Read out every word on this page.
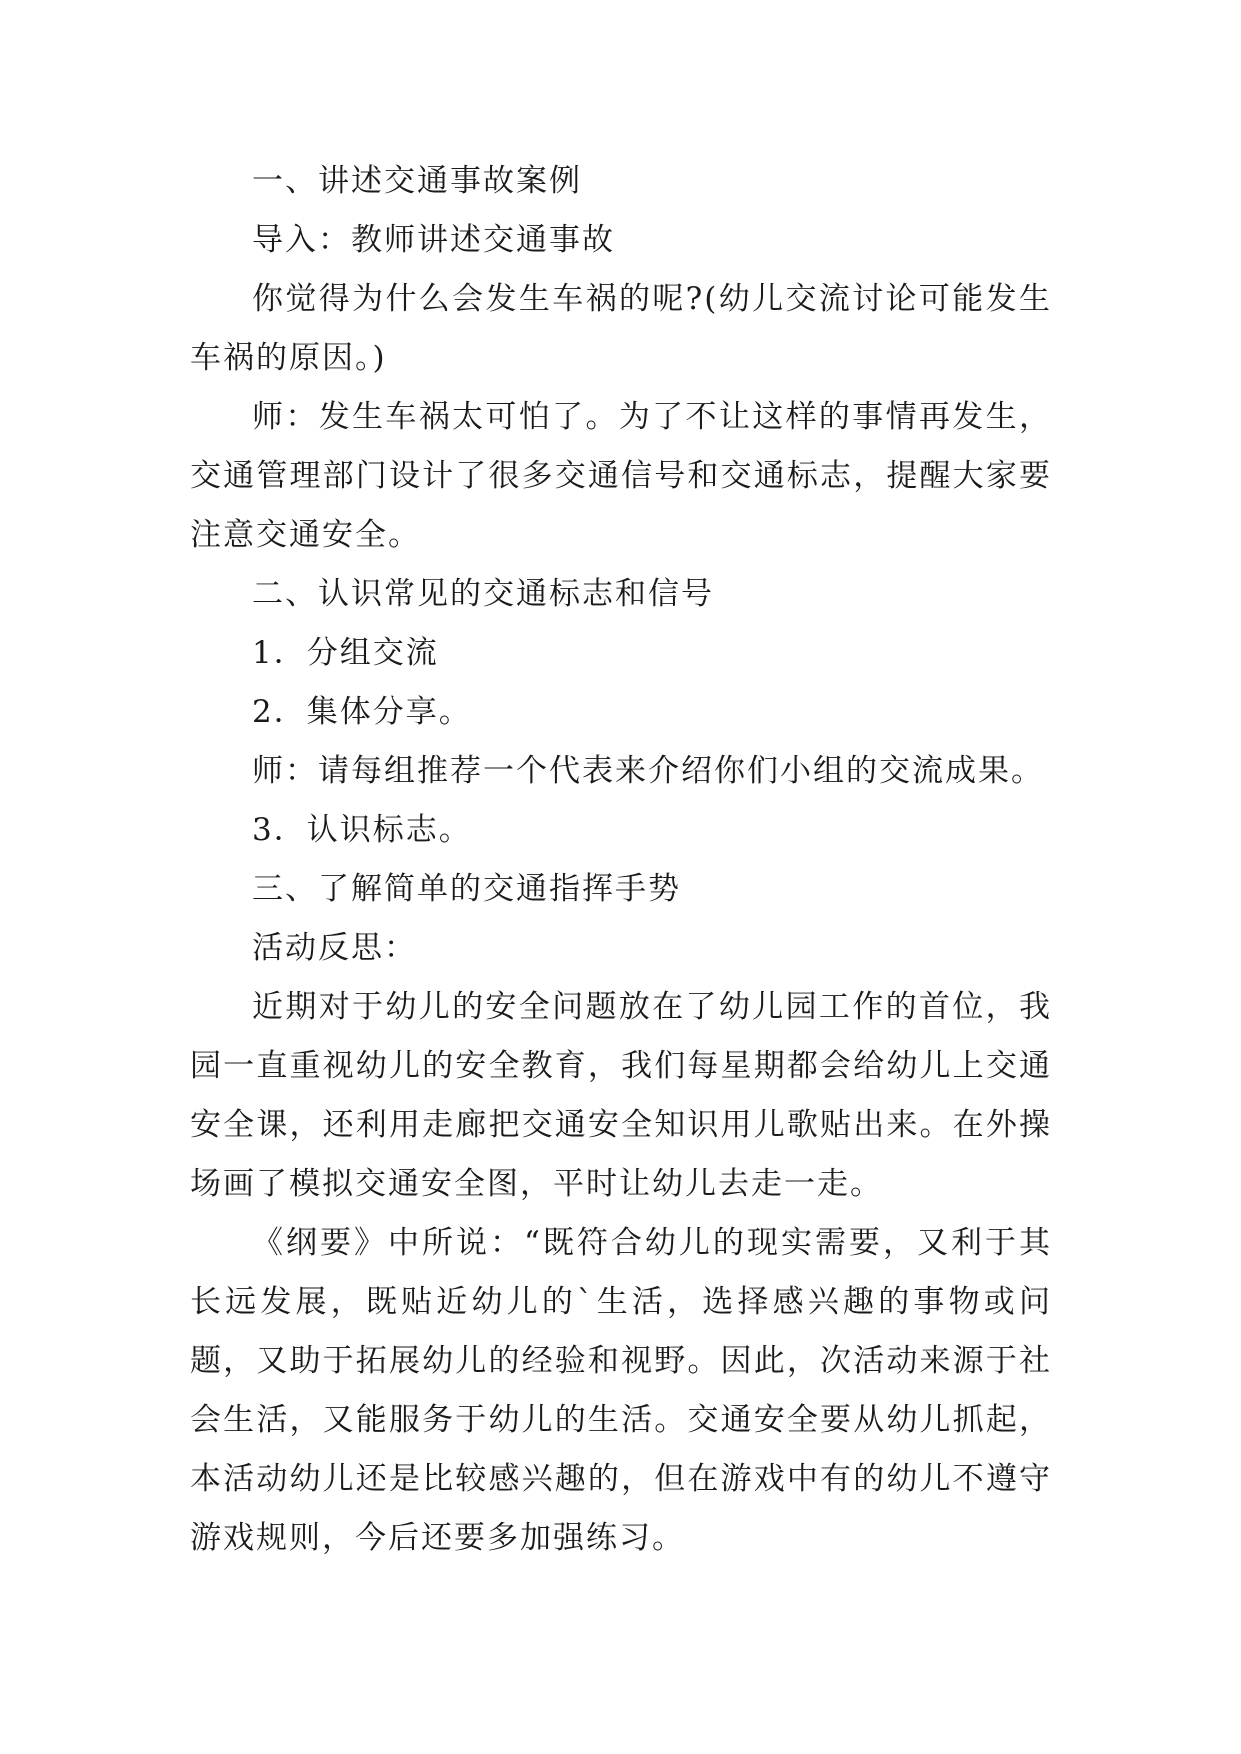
一、讲述交通事故案例

导入：教师讲述交通事故

你觉得为什么会发生车祸的呢?(幼儿交流讨论可能发生车祸的原因。)

师：发生车祸太可怕了。为了不让这样的事情再发生，交通管理部门设计了很多交通信号和交通标志，提醒大家要注意交通安全。

二、认识常见的交通标志和信号

1．分组交流

2．集体分享。

师：请每组推荐一个代表来介绍你们小组的交流成果。

3．认识标志。

三、了解简单的交通指挥手势

活动反思：

近期对于幼儿的安全问题放在了幼儿园工作的首位，我园一直重视幼儿的安全教育，我们每星期都会给幼儿上交通安全课，还利用走廊把交通安全知识用儿歌贴出来。在外操场画了模拟交通安全图，平时让幼儿去走一走。

《纲要》中所说：“既符合幼儿的现实需要，又利于其长远发展，既贴近幼儿的`生活，选择感兴趣的事物或问题，又助于拓展幼儿的经验和视野。因此，次活动来源于社会生活，又能服务于幼儿的生活。交通安全要从幼儿抓起，本活动幼儿还是比较感兴趣的，但在游戏中有的幼儿不遵守游戏规则，今后还要多加强练习。
